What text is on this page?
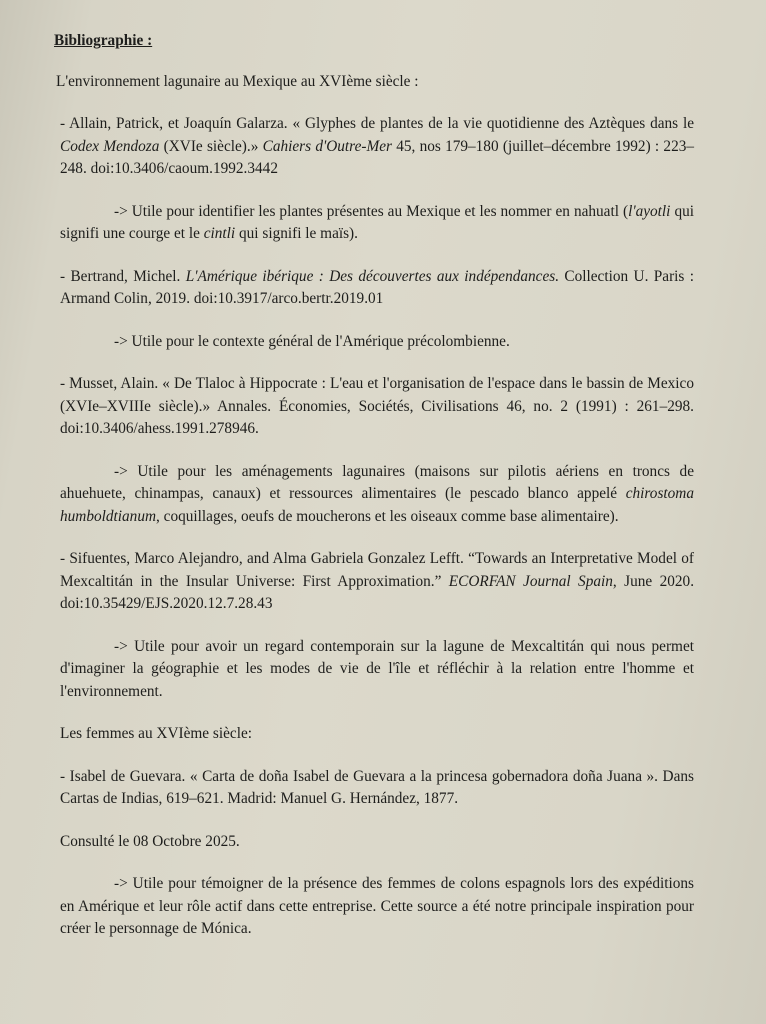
Bibliographie :

L'environnement lagunaire au Mexique au XVIème siècle :

- Allain, Patrick, et Joaquín Galarza. « Glyphes de plantes de la vie quotidienne des Aztèques dans le Codex Mendoza (XVIe siècle).» Cahiers d'Outre-Mer 45, nos 179–180 (juillet–décembre 1992) : 223–248. doi:10.3406/caoum.1992.3442

-> Utile pour identifier les plantes présentes au Mexique et les nommer en nahuatl (l'ayotli qui signifi une courge et le cintli qui signifi le maïs).

- Bertrand, Michel. L'Amérique ibérique : Des découvertes aux indépendances. Collection U. Paris : Armand Colin, 2019. doi:10.3917/arco.bertr.2019.01

-> Utile pour le contexte général de l'Amérique précolombienne.

- Musset, Alain. « De Tlaloc à Hippocrate : L'eau et l'organisation de l'espace dans le bassin de Mexico (XVIe–XVIIIe siècle).» Annales. Économies, Sociétés, Civilisations 46, no. 2 (1991) : 261–298. doi:10.3406/ahess.1991.278946.

-> Utile pour les aménagements lagunaires (maisons sur pilotis aériens en troncs de ahuehuete, chinampas, canaux) et ressources alimentaires (le pescado blanco appelé chirostoma humboldtianum, coquillages, oeufs de moucherons et les oiseaux comme base alimentaire).

- Sifuentes, Marco Alejandro, and Alma Gabriela Gonzalez Lefft. “Towards an Interpretative Model of Mexcaltitán in the Insular Universe: First Approximation.” ECORFAN Journal Spain, June 2020. doi:10.35429/EJS.2020.12.7.28.43

-> Utile pour avoir un regard contemporain sur la lagune de Mexcaltitán qui nous permet d'imaginer la géographie et les modes de vie de l'île et réfléchir à la relation entre l'homme et l'environnement.

Les femmes au XVIème siècle:

- Isabel de Guevara. « Carta de doña Isabel de Guevara a la princesa gobernadora doña Juana ». Dans Cartas de Indias, 619–621. Madrid: Manuel G. Hernández, 1877.

Consulté le 08 Octobre 2025.

-> Utile pour témoigner de la présence des femmes de colons espagnols lors des expéditions en Amérique et leur rôle actif dans cette entreprise. Cette source a été notre principale inspiration pour créer le personnage de Mónica.
